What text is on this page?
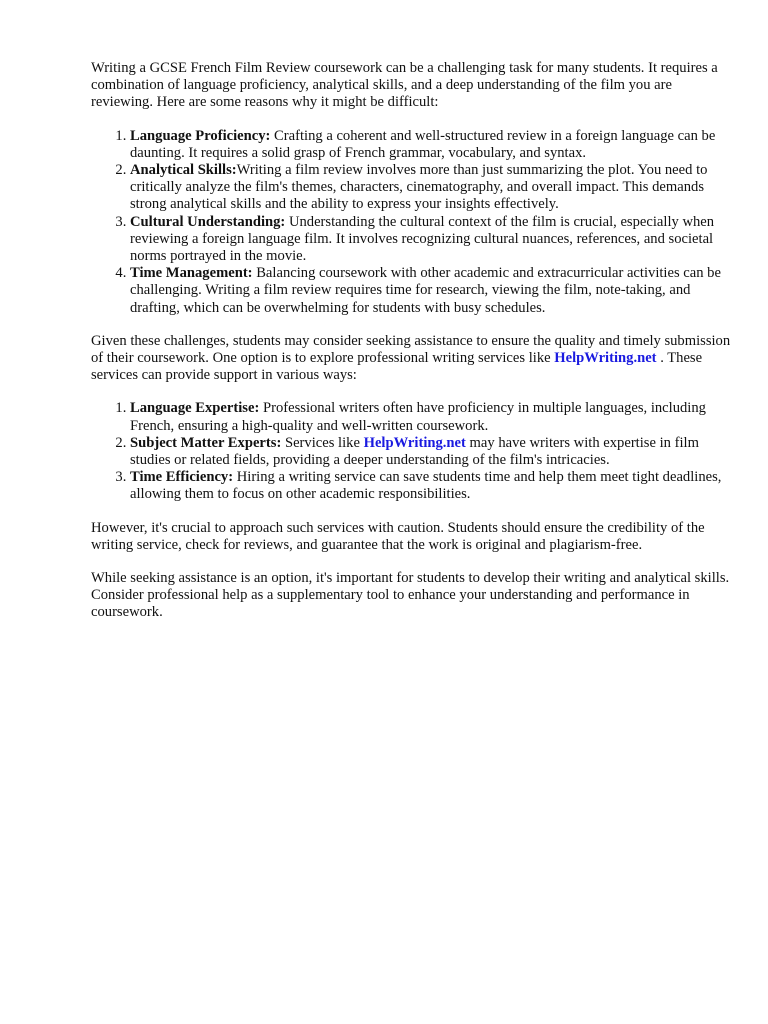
Writing a GCSE French Film Review coursework can be a challenging task for many students. It requires a combination of language proficiency, analytical skills, and a deep understanding of the film you are reviewing. Here are some reasons why it might be difficult:

1. Language Proficiency: Crafting a coherent and well-structured review in a foreign language can be daunting. It requires a solid grasp of French grammar, vocabulary, and syntax.
2. Analytical Skills:Writing a film review involves more than just summarizing the plot. You need to critically analyze the film's themes, characters, cinematography, and overall impact. This demands strong analytical skills and the ability to express your insights effectively.
3. Cultural Understanding: Understanding the cultural context of the film is crucial, especially when reviewing a foreign language film. It involves recognizing cultural nuances, references, and societal norms portrayed in the movie.
4. Time Management: Balancing coursework with other academic and extracurricular activities can be challenging. Writing a film review requires time for research, viewing the film, note-taking, and drafting, which can be overwhelming for students with busy schedules.

Given these challenges, students may consider seeking assistance to ensure the quality and timely submission of their coursework. One option is to explore professional writing services like HelpWriting.net . These services can provide support in various ways:

1. Language Expertise: Professional writers often have proficiency in multiple languages, including French, ensuring a high-quality and well-written coursework.
2. Subject Matter Experts: Services like HelpWriting.net may have writers with expertise in film studies or related fields, providing a deeper understanding of the film's intricacies.
3. Time Efficiency: Hiring a writing service can save students time and help them meet tight deadlines, allowing them to focus on other academic responsibilities.

However, it's crucial to approach such services with caution. Students should ensure the credibility of the writing service, check for reviews, and guarantee that the work is original and plagiarism-free.

While seeking assistance is an option, it's important for students to develop their writing and analytical skills. Consider professional help as a supplementary tool to enhance your understanding and performance in coursework.
